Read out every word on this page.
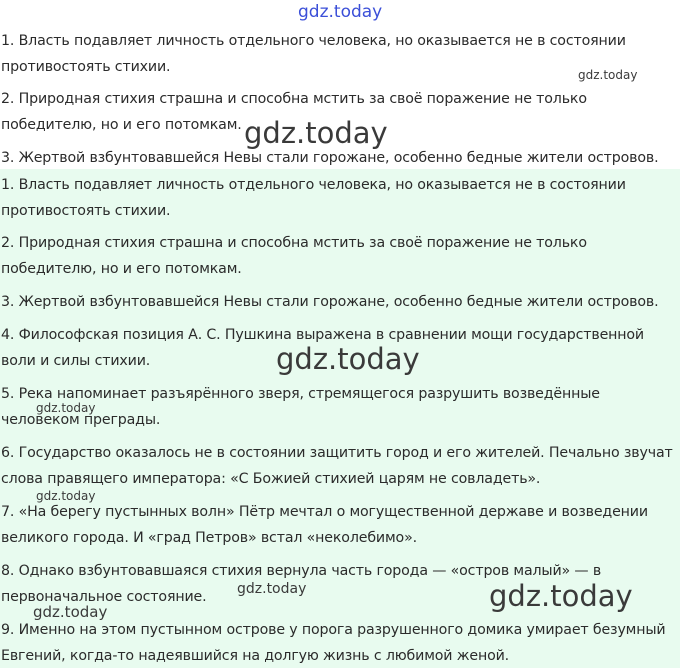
1. Власть подавляет личность отдельного человека, но оказывается не в состоянии противостоять стихии.
2. Природная стихия страшна и способна мстить за своё поражение не только победителю, но и его потомкам.
3. Жертвой взбунтовавшейся Невы стали горожане, особенно бедные жители островов.
1. Власть подавляет личность отдельного человека, но оказывается не в состоянии противостоять стихии.
2. Природная стихия страшна и способна мстить за своё поражение не только победителю, но и его потомкам.
3. Жертвой взбунтовавшейся Невы стали горожане, особенно бедные жители островов.
4. Философская позиция А. С. Пушкина выражена в сравнении мощи государственной воли и силы стихии.
5. Река напоминает разъярённого зверя, стремящегося разрушить возведённые человеком преграды.
6. Государство оказалось не в состоянии защитить город и его жителей. Печально звучат слова правящего императора: «С Божией стихией царям не совладеть».
7. «На берегу пустынных волн» Пётр мечтал о могущественной державе и возведении великого города. И «град Петров» встал «неколебимо».
8. Однако взбунтовавшаяся стихия вернула часть города — «остров малый» — в первоначальное состояние.
9. Именно на этом пустынном острове у порога разрушенного домика умирает безумный Евгений, когда-то надеявшийся на долгую жизнь с любимой женой.
gdz.today
gdz.today
gdz.today
gdz.today
gdz.today
gdz.today
gdz.today	gdz.today
gdz.today
